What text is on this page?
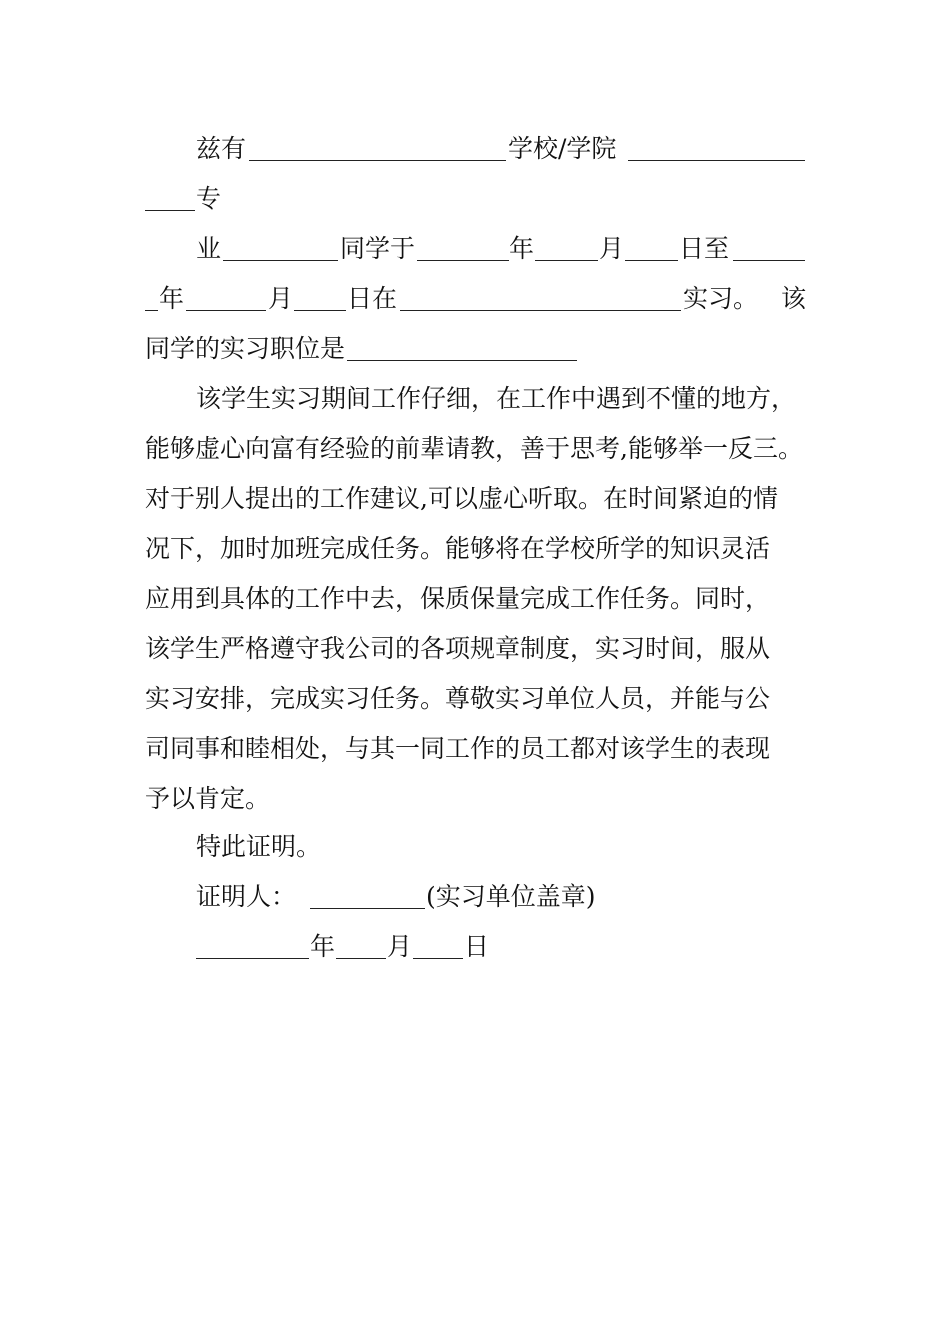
兹有

	学校/学院

专

业

	同学于

	年

	月

日至

年

	月

日在

	实习。

该

同学的实习职位是

该学生实习期间工作仔细，在工作中遇到不懂的地方，

能够虚心向富有经验的前辈请教，善于思考,能够举一反三。

对于别人提出的工作建议,可以虚心听取。在时间紧迫的情

况下，加时加班完成任务。能够将在学校所学的知识灵活

应用到具体的工作中去，保质保量完成工作任务。同时，

该学生严格遵守我公司的各项规章制度，实习时间，服从

实习安排，完成实习任务。尊敬实习单位人员，并能与公

司同事和睦相处，与其一同工作的员工都对该学生的表现

予以肯定。

特此证明。

证明人：

	(实习单位盖章)

年

月

日
